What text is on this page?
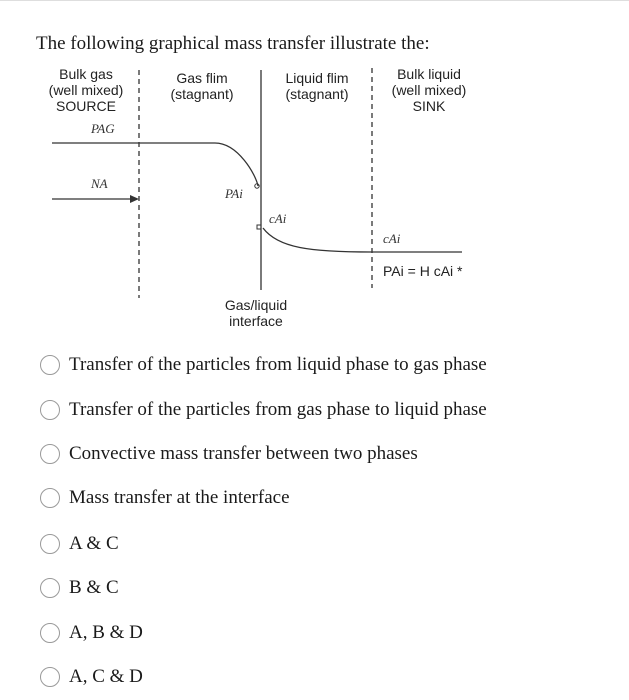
The following graphical mass transfer illustrate the:
Bulk gas
(well mixed)
SOURCE
Gas flim
(stagnant)
Liquid flim
(stagnant)
Bulk liquid
(well mixed)
SINK
PAG
NA
PAi
cAi
cAi
PAi = H cAi *
Gas/liquid
interface
Transfer of the particles from liquid phase to gas phase
Transfer of the particles from gas phase to liquid phase
Convective mass transfer between two phases
Mass transfer at the interface
A & C
B & C
A, B & D
A, C & D
